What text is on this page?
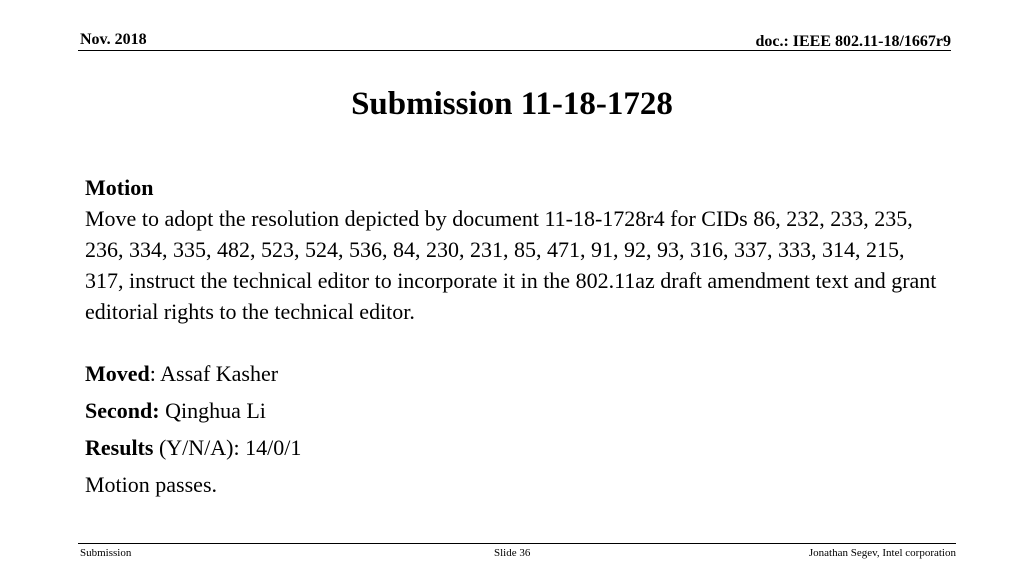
Nov. 2018	doc.: IEEE 802.11-18/1667r9
Submission 11-18-1728

Motion

Move to adopt the resolution depicted by document 11-18-1728r4 for CIDs 86, 232, 233, 235, 236, 334, 335, 482, 523, 524, 536, 84, 230, 231, 85, 471, 91, 92, 93, 316, 337, 333, 314, 215, 317, instruct the technical editor to incorporate it in the 802.11az draft amendment text and grant editorial rights to the technical editor.

Moved: Assaf Kasher

Second: Qinghua Li

Results (Y/N/A): 14/0/1

Motion passes.

Submission	Slide 36	Jonathan Segev, Intel corporation
